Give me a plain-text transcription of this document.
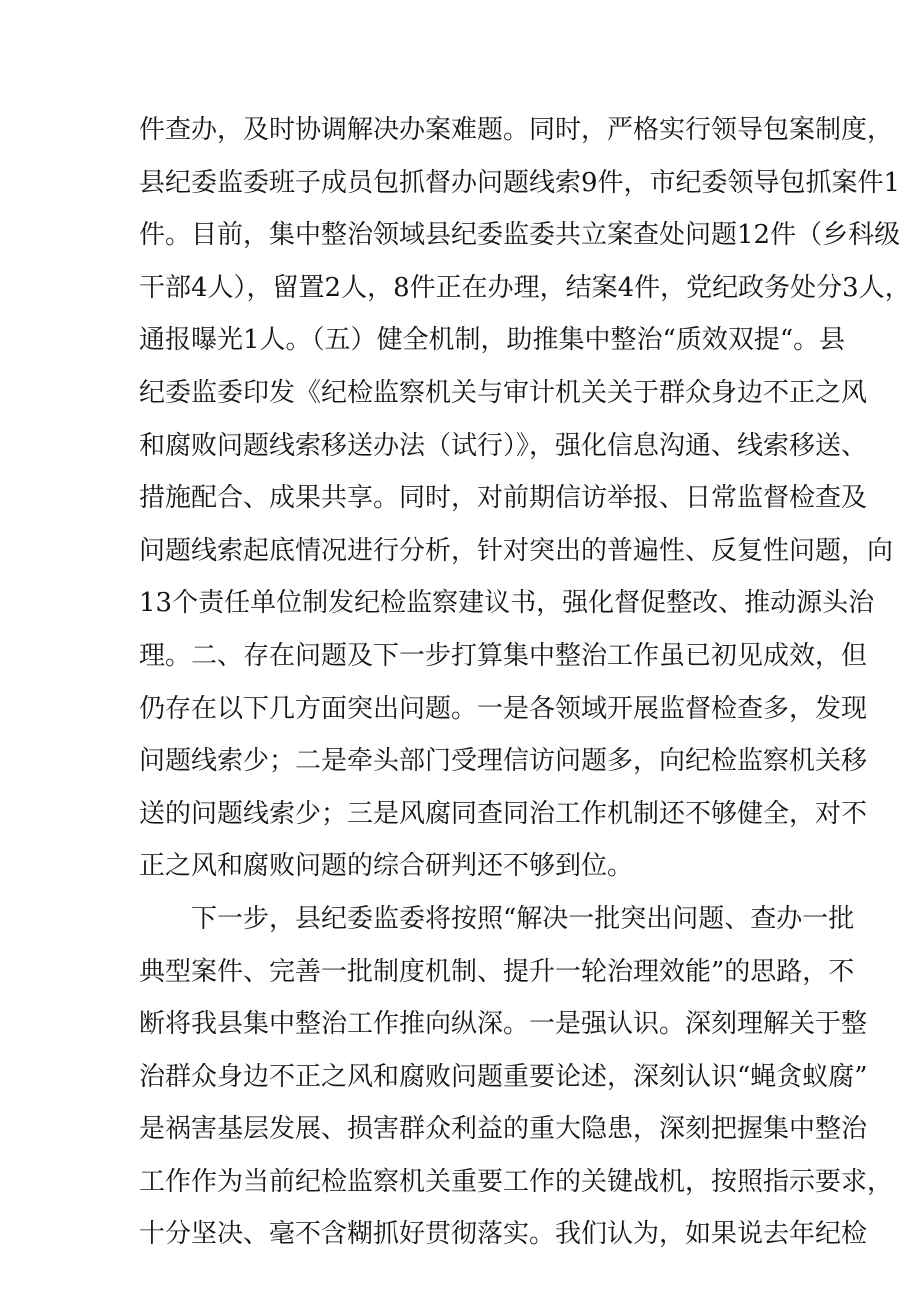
件查办，及时协调解决办案难题。同时，严格实行领导包案制度，
县纪委监委班子成员包抓督办问题线索9件，市纪委领导包抓案件1
件。目前，集中整治领域县纪委监委共立案查处问题12件（乡科级
干部4人），留置2人，8件正在办理，结案4件，党纪政务处分3人，
通报曝光1人。（五）健全机制，助推集中整治“质效双提“。县
纪委监委印发《纪检监察机关与审计机关关于群众身边不正之风
和腐败问题线索移送办法（试行）》，强化信息沟通、线索移送、
措施配合、成果共享。同时，对前期信访举报、日常监督检查及
问题线索起底情况进行分析，针对突出的普遍性、反复性问题，向
13个责任单位制发纪检监察建议书，强化督促整改、推动源头治
理。二、存在问题及下一步打算集中整治工作虽已初见成效，但
仍存在以下几方面突出问题。一是各领域开展监督检查多，发现
问题线索少；二是牵头部门受理信访问题多，向纪检监察机关移
送的问题线索少；三是风腐同查同治工作机制还不够健全，对不
正之风和腐败问题的综合研判还不够到位。
下一步，县纪委监委将按照“解决一批突出问题、查办一批
典型案件、完善一批制度机制、提升一轮治理效能”的思路，不
断将我县集中整治工作推向纵深。一是强认识。深刻理解关于整
治群众身边不正之风和腐败问题重要论述，深刻认识“蝇贪蚁腐”
是祸害基层发展、损害群众利益的重大隐患，深刻把握集中整治
工作作为当前纪检监察机关重要工作的关键战机，按照指示要求，
十分坚决、毫不含糊抓好贯彻落实。我们认为，如果说去年纪检
